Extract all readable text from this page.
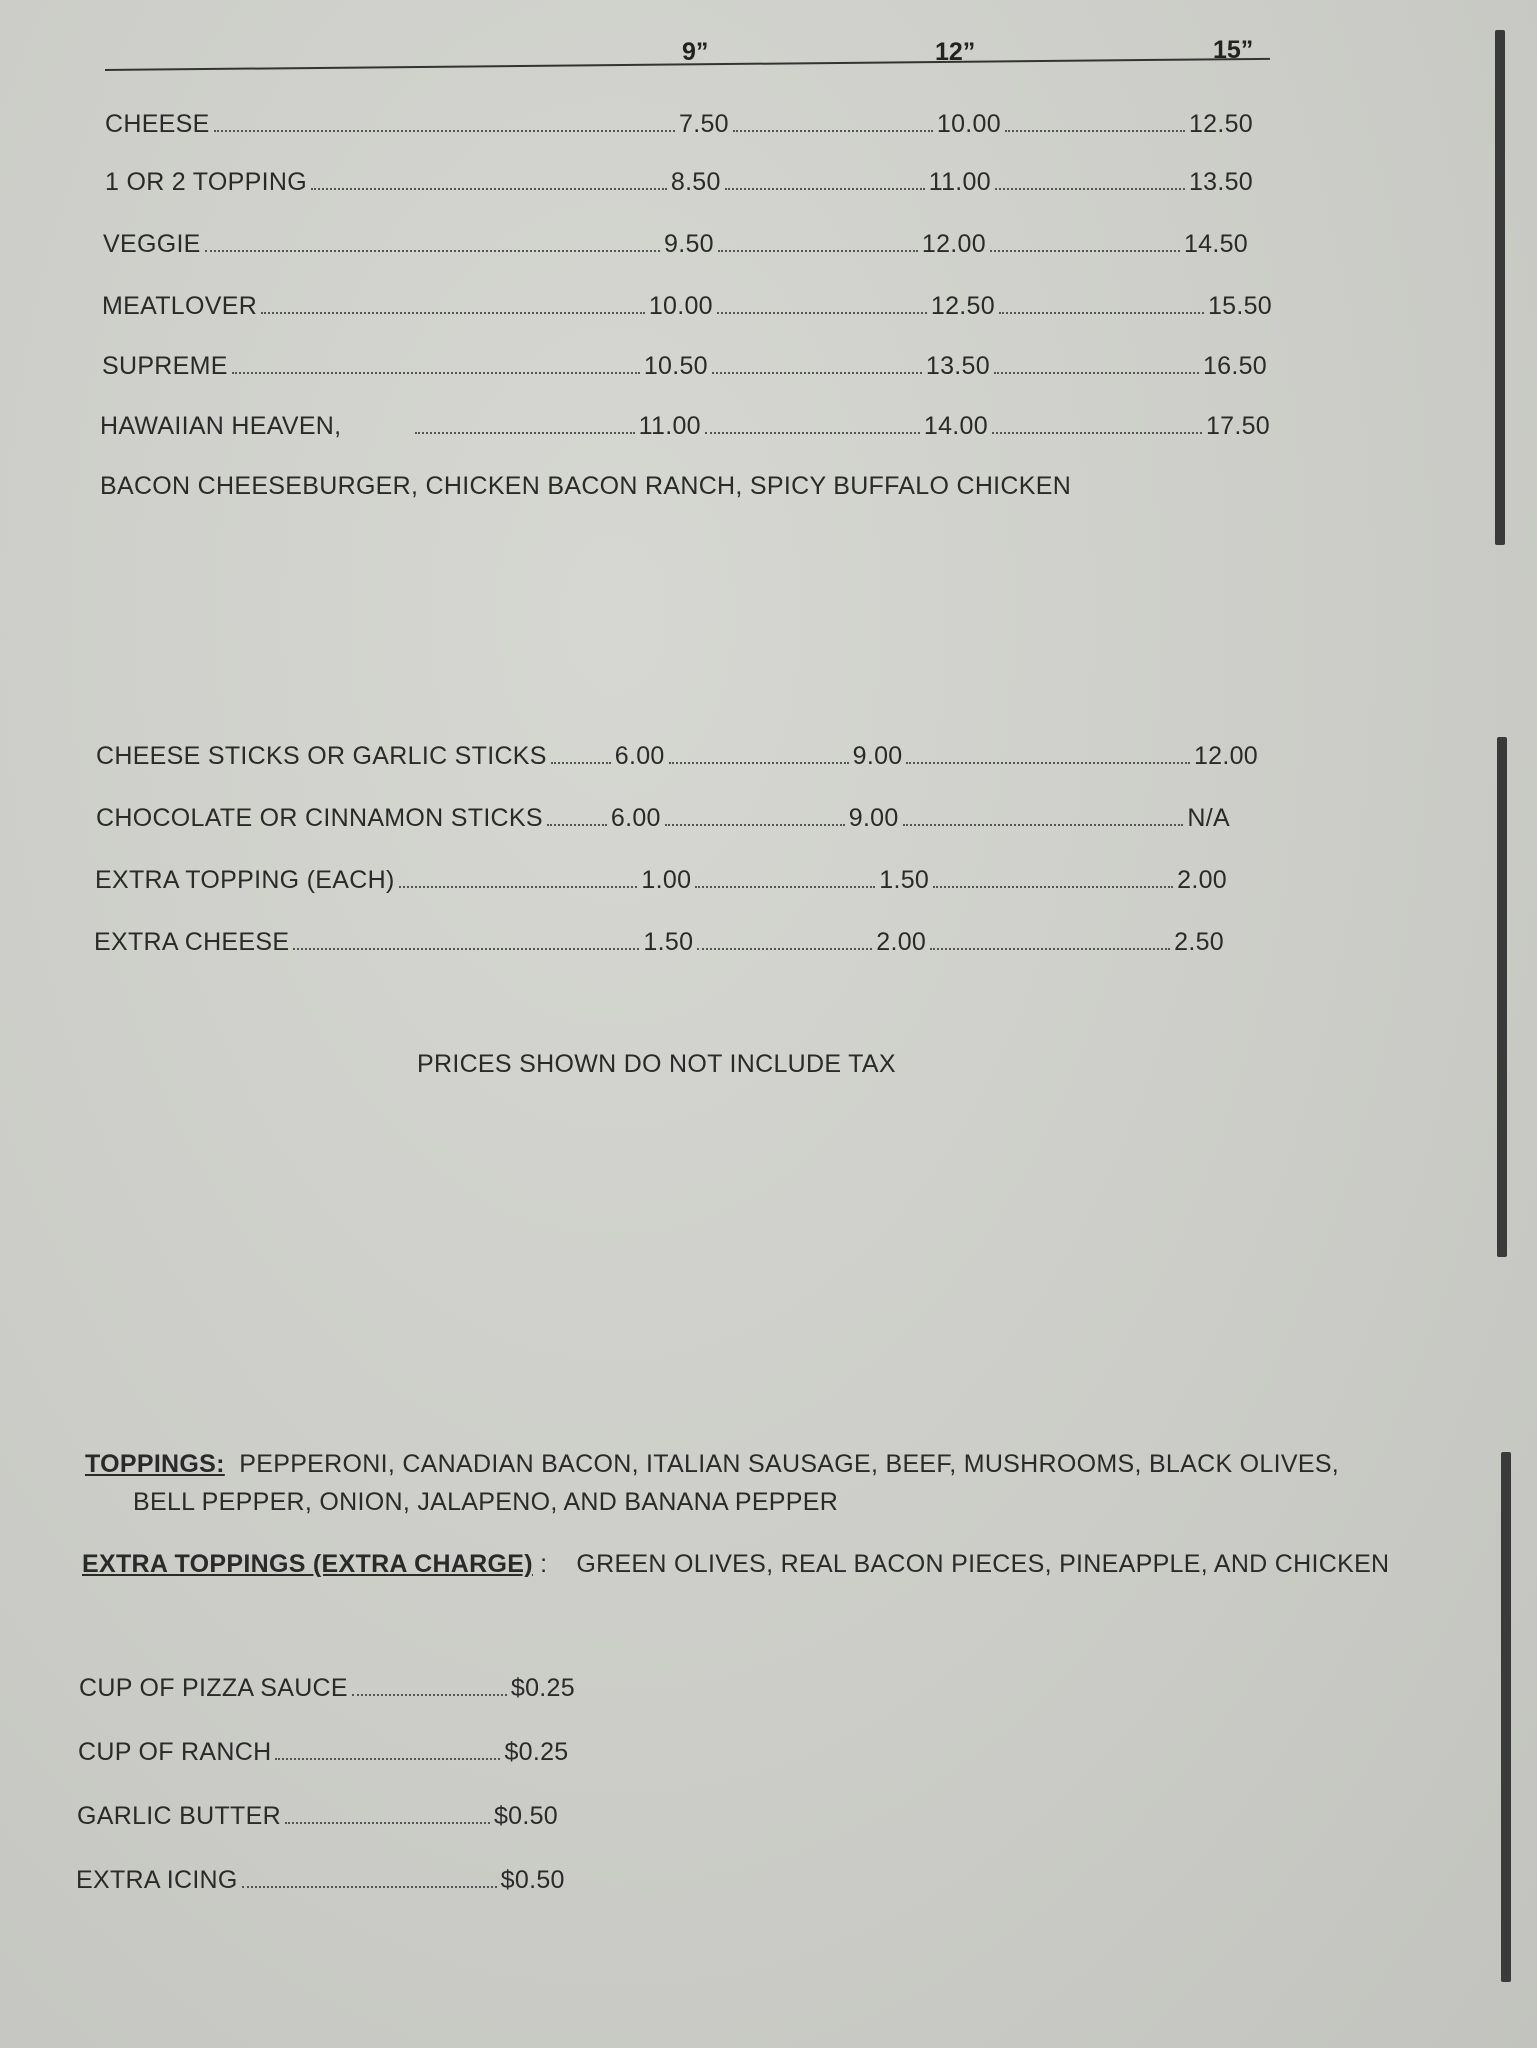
9”	12”	15”
CHEESE	7.50	10.00	12.50
1 OR 2 TOPPING	8.50	11.00	13.50
VEGGIE	9.50	12.00	14.50
MEATLOVER	10.00	12.50	15.50
SUPREME	10.50	13.50	16.50
HAWAIIAN HEAVEN,	11.00	14.00	17.50
BACON CHEESEBURGER, CHICKEN BACON RANCH, SPICY BUFFALO CHICKEN
CHEESE STICKS OR GARLIC STICKS	6.00	9.00	12.00
CHOCOLATE OR CINNAMON STICKS	6.00	9.00	N/A
EXTRA TOPPING (EACH)	1.00	1.50	2.00
EXTRA CHEESE	1.50	2.00	2.50
PRICES SHOWN DO NOT INCLUDE TAX
TOPPINGS: PEPPERONI, CANADIAN BACON, ITALIAN SAUSAGE, BEEF, MUSHROOMS, BLACK OLIVES,
BELL PEPPER, ONION, JALAPENO, AND BANANA PEPPER
EXTRA TOPPINGS (EXTRA CHARGE) :    GREEN OLIVES, REAL BACON PIECES, PINEAPPLE, AND CHICKEN
CUP OF PIZZA SAUCE	$0.25
CUP OF RANCH	$0.25
GARLIC BUTTER	$0.50
EXTRA ICING	$0.50
